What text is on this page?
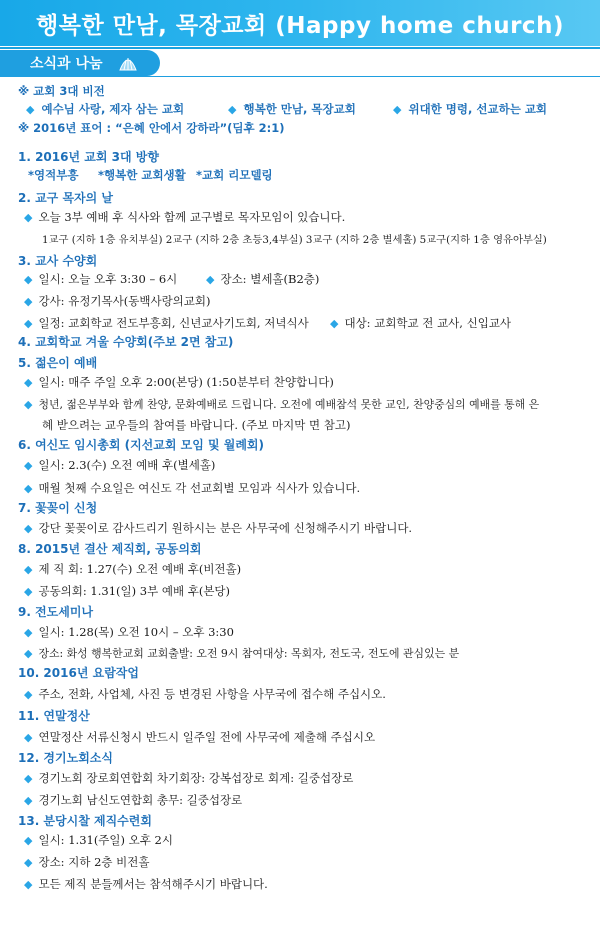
행복한 만남, 목장교회 (Happy home church)
소식과 나눔
※ 교회 3대 비전
◆ 예수님 사랑, 제자 삼는 교회	◆ 행복한 만남, 목장교회	◆ 위대한 명령, 선교하는 교회
※ 2016년 표어 : “은혜 안에서 강하라”(딤후 2:1)
1. 2016년 교회 3대 방향
*영적부흥 *행복한 교회생활 *교회 리모델링
2. 교구 목자의 날
◆ 오늘 3부 예배 후 식사와 함께 교구별로 목자모임이 있습니다.
1교구 (지하 1층 유치부실) 2교구 (지하 2층 초등3,4부실) 3교구 (지하 2층 별세홀) 5교구(지하 1층 영유아부실)
3. 교사 수양회
◆ 일시: 오늘 오후 3:30 – 6시	◆ 장소: 별세홀(B2층)
◆ 강사: 유정기목사(동백사랑의교회)
◆ 일정: 교회학교 전도부흥회, 신년교사기도회, 저녁식사 ◆ 대상: 교회학교 전 교사, 신입교사
4. 교회학교 겨울 수양회(주보 2면 참고)
5. 젊은이 예배
◆ 일시: 매주 주일 오후 2:00(본당) (1:50분부터 찬양합니다)
◆ 청년, 젊은부부와 함께 찬양, 문화예배로 드립니다. 오전에 예배참석 못한 교인, 찬양중심의 예배를 통해 은
혜 받으려는 교우들의 참여를 바랍니다. (주보 마지막 면 참고)
6. 여신도 임시총회 (지선교회 모임 및 월례회)
◆ 일시: 2.3(수) 오전 예배 후(별세홀)
◆ 매월 첫째 수요일은 여신도 각 선교회별 모임과 식사가 있습니다.
7. 꽃꽂이 신청
◆ 강단 꽃꽂이로 감사드리기 원하시는 분은 사무국에 신청해주시기 바랍니다.
8. 2015년 결산 제직회, 공동의회
◆ 제 직 회: 1.27(수) 오전 예배 후(비전홀)
◆ 공동의회: 1.31(일) 3부 예배 후(본당)
9. 전도세미나
◆ 일시: 1.28(목) 오전 10시 – 오후 3:30
◆ 장소: 화성 행복한교회 교회출발: 오전 9시 참여대상: 목회자, 전도국, 전도에 관심있는 분
10. 2016년 요람작업
◆ 주소, 전화, 사업체, 사진 등 변경된 사항을 사무국에 접수해 주십시오.
11. 연말정산
◆ 연말정산 서류신청시 반드시 일주일 전에 사무국에 제출해 주십시오
12. 경기노회소식
◆ 경기노회 장로회연합회 차기회장: 강복섭장로 회계: 길중섭장로
◆ 경기노회 남신도연합회 총무: 길중섭장로
13. 분당시찰 제직수련회
◆ 일시: 1.31(주일) 오후 2시
◆ 장소: 지하 2층 비전홀
◆ 모든 제직 분들께서는 참석해주시기 바랍니다.
